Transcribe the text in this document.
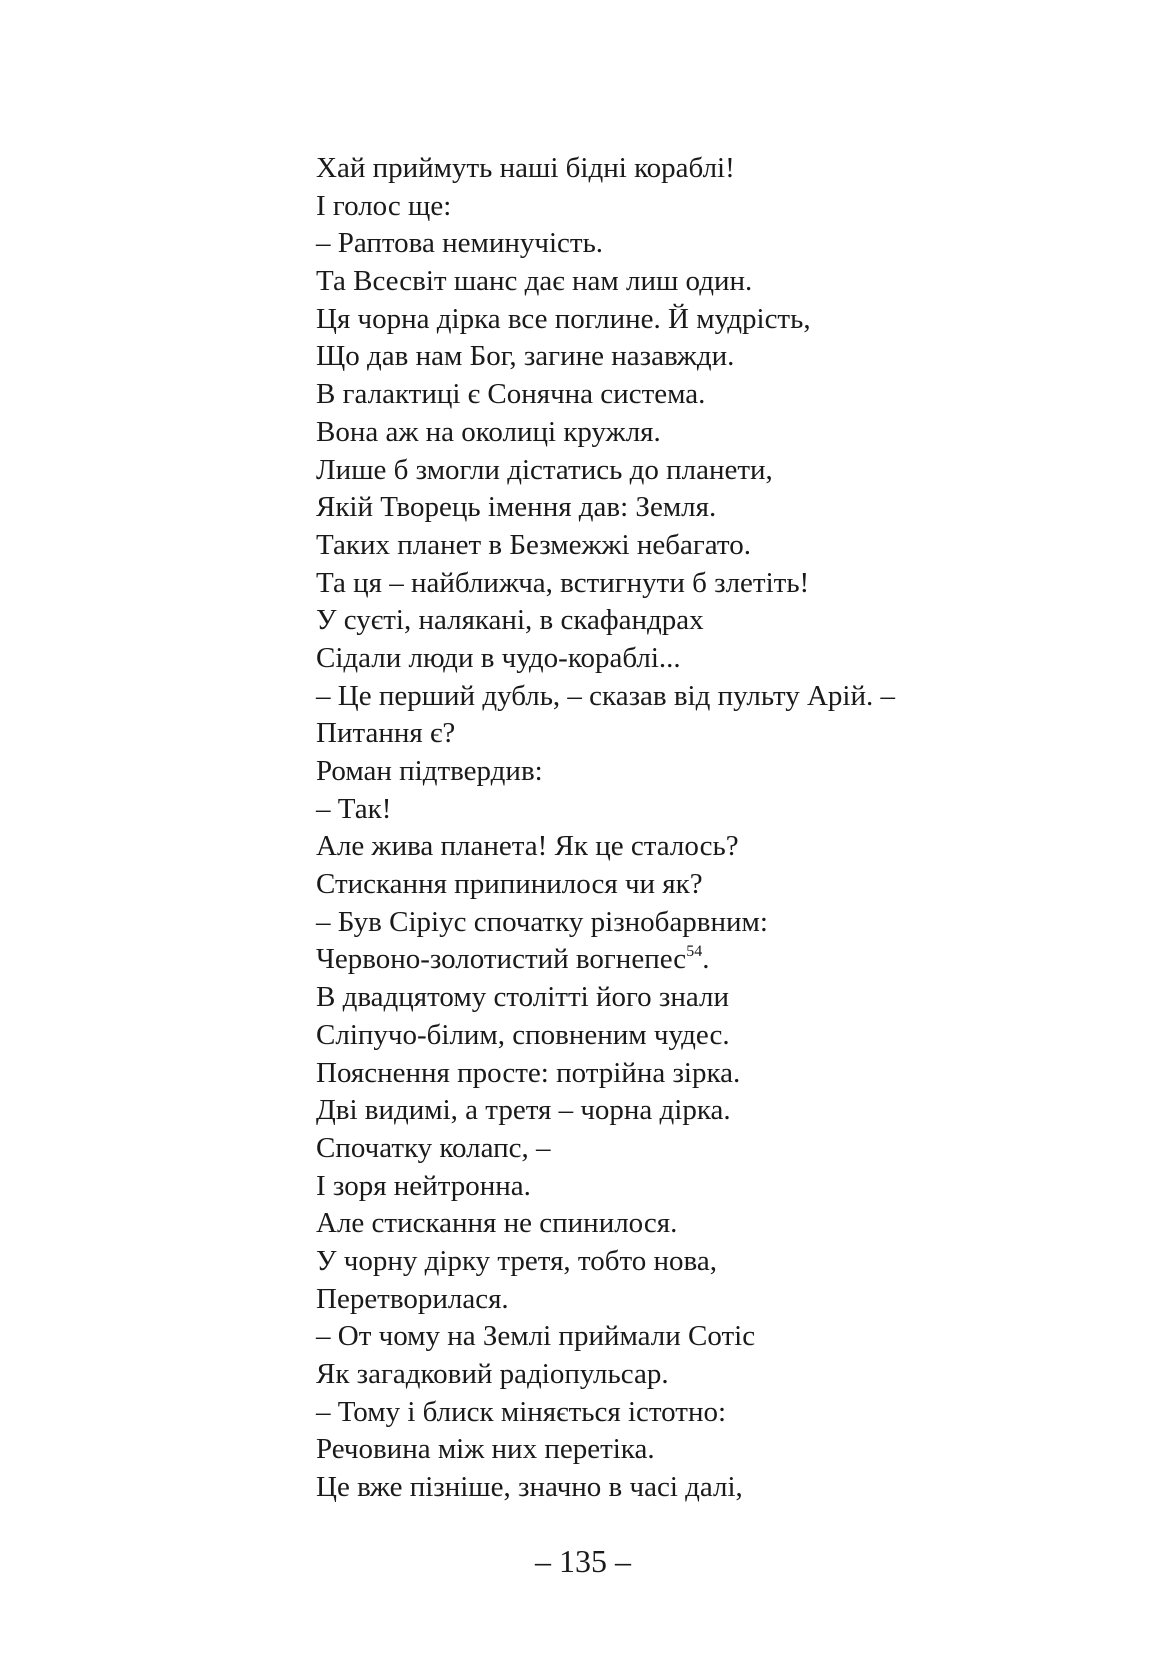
Хай приймуть наші бідні кораблі!
І голос ще:
– Раптова неминучість.
Та Всесвіт шанс дає нам лиш один.
Ця чорна дірка все поглине. Й мудрість,
Що дав нам Бог, загине назавжди.
В галактиці є Сонячна система.
Вона аж на околиці кружля.
Лише б змогли дістатись до планети,
Якій Творець імення дав: Земля.
Таких планет в Безмежжі небагато.
Та ця – найближча, встигнути б злетіть!
У суєті, налякані, в скафандрах
Сідали люди в чудо-кораблі...
– Це перший дубль, – сказав від пульту Арій. –
Питання є?
Роман підтвердив:
– Так!
Але жива планета! Як це сталось?
Стискання припинилося чи як?
– Був Сіріус спочатку різнобарвним:
Червоно-золотистий вогнепес$^{54}$.
В двадцятому столітті його знали
Сліпучо-білим, сповненим чудес.
Пояснення просте: потрійна зірка.
Дві видимі, а третя – чорна дірка.
Спочатку колапс, –
І зоря нейтронна.
Але стискання не спинилося.
У чорну дірку третя, тобто нова,
Перетворилася.
– От чому на Землі приймали Сотіс
Як загадковий радіопульсар.
– Тому і блиск міняється істотно:
Речовина між них перетіка.
Це вже пізніше, значно в часі далі,
– 135 –
